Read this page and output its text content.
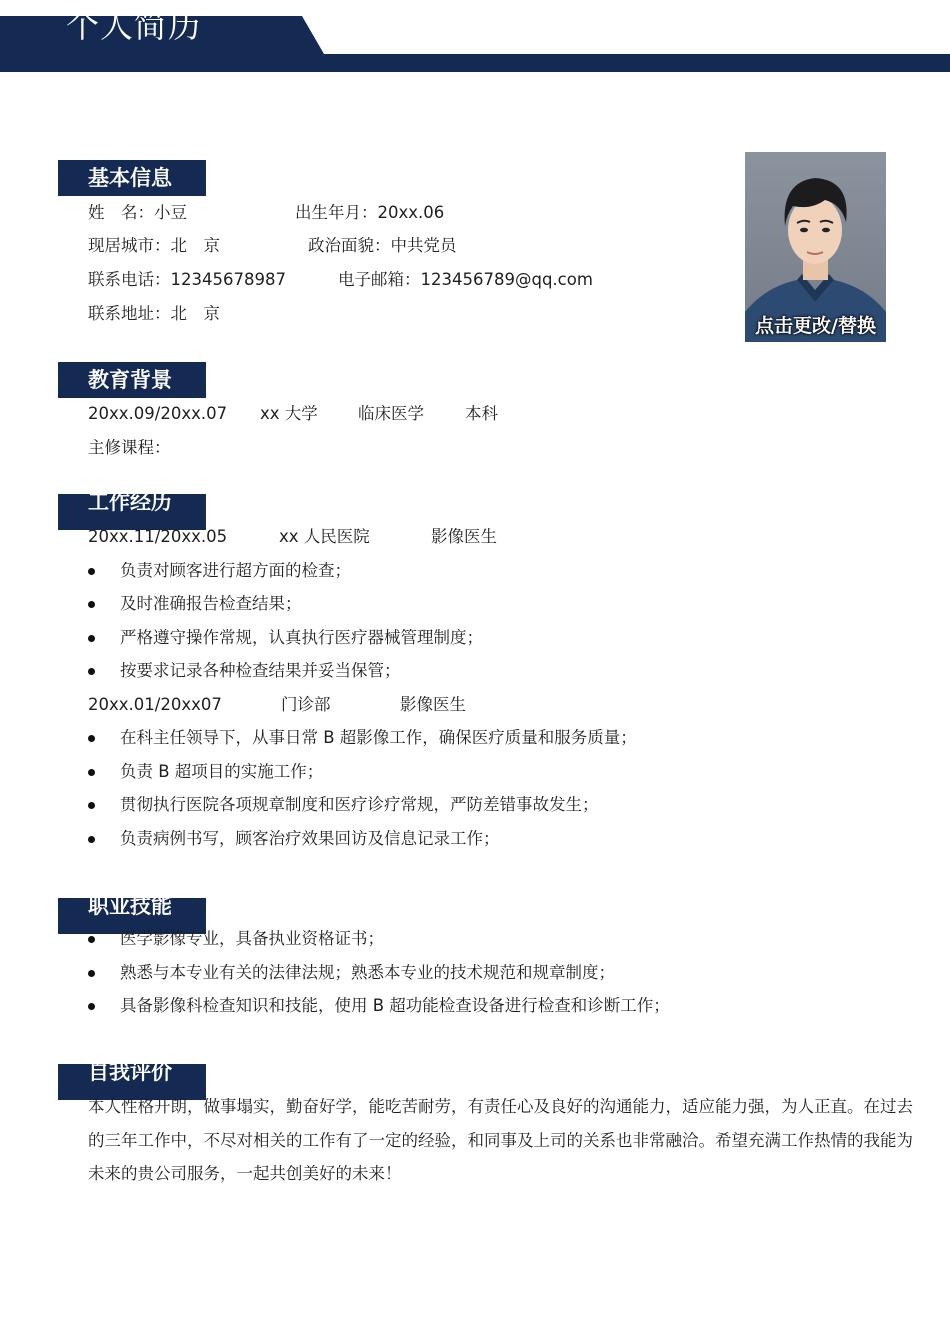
个人简历
点击更改/替换
基本信息
姓　名：小豆	出生年月：20xx.06
现居城市：北　京	政治面貌：中共党员
联系电话：12345678987	电子邮箱：123456789@qq.com
联系地址：北　京
教育背景
20xx.09/20xx.07 xx 大学 临床医学 本科
主修课程：
工作经历
20xx.11/20xx.05	xx 人民医院	影像医生
负责对顾客进行超方面的检查；
及时准确报告检查结果；
严格遵守操作常规，认真执行医疗器械管理制度；
按要求记录各种检查结果并妥当保管；
20xx.01/20xx07	门诊部	影像医生
在科主任领导下，从事日常 B 超影像工作，确保医疗质量和服务质量；
负责 B 超项目的实施工作；
贯彻执行医院各项规章制度和医疗诊疗常规，严防差错事故发生；
负责病例书写，顾客治疗效果回访及信息记录工作；
职业技能
医学影像专业，具备执业资格证书；
熟悉与本专业有关的法律法规；熟悉本专业的技术规范和规章制度；
具备影像科检查知识和技能，使用 B 超功能检查设备进行检查和诊断工作；
自我评价
本人性格开朗，做事塌实，勤奋好学，能吃苦耐劳，有责任心及良好的沟通能力，适应能力强，为人正直。在过去的三年工作中，不尽对相关的工作有了一定的经验，和同事及上司的关系也非常融洽。希望充满工作热情的我能为未来的贵公司服务，一起共创美好的未来！
